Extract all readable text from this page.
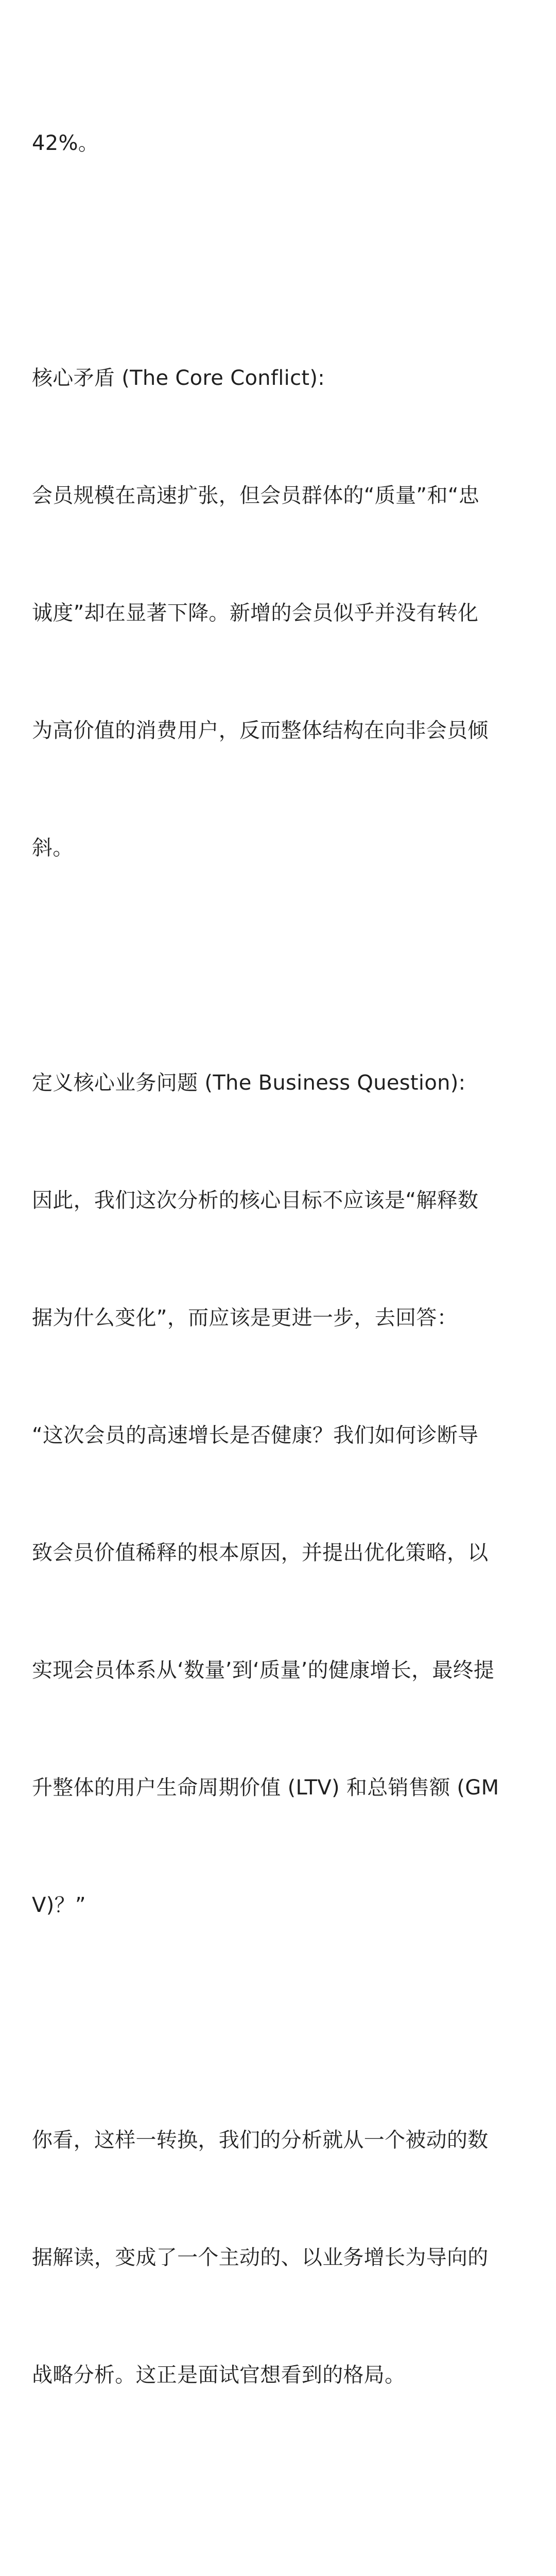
42%。

核心矛盾 (The Core Conflict):

会员规模在高速扩张，但会员群体的“质量”和“忠

诚度”却在显著下降。新增的会员似乎并没有转化

为高价值的消费用户，反而整体结构在向非会员倾

斜。

定义核心业务问题 (The Business Question):

因此，我们这次分析的核心目标不应该是“解释数

据为什么变化”，而应该是更进一步，去回答：

“这次会员的高速增长是否健康？我们如何诊断导

致会员价值稀释的根本原因，并提出优化策略，以

实现会员体系从‘数量’到‘质量’的健康增长，最终提

升整体的用户生命周期价值 (LTV) 和总销售额 (GM

V)？”

你看，这样一转换，我们的分析就从一个被动的数

据解读，变成了一个主动的、以业务增长为导向的

战略分析。这正是面试官想看到的格局。
